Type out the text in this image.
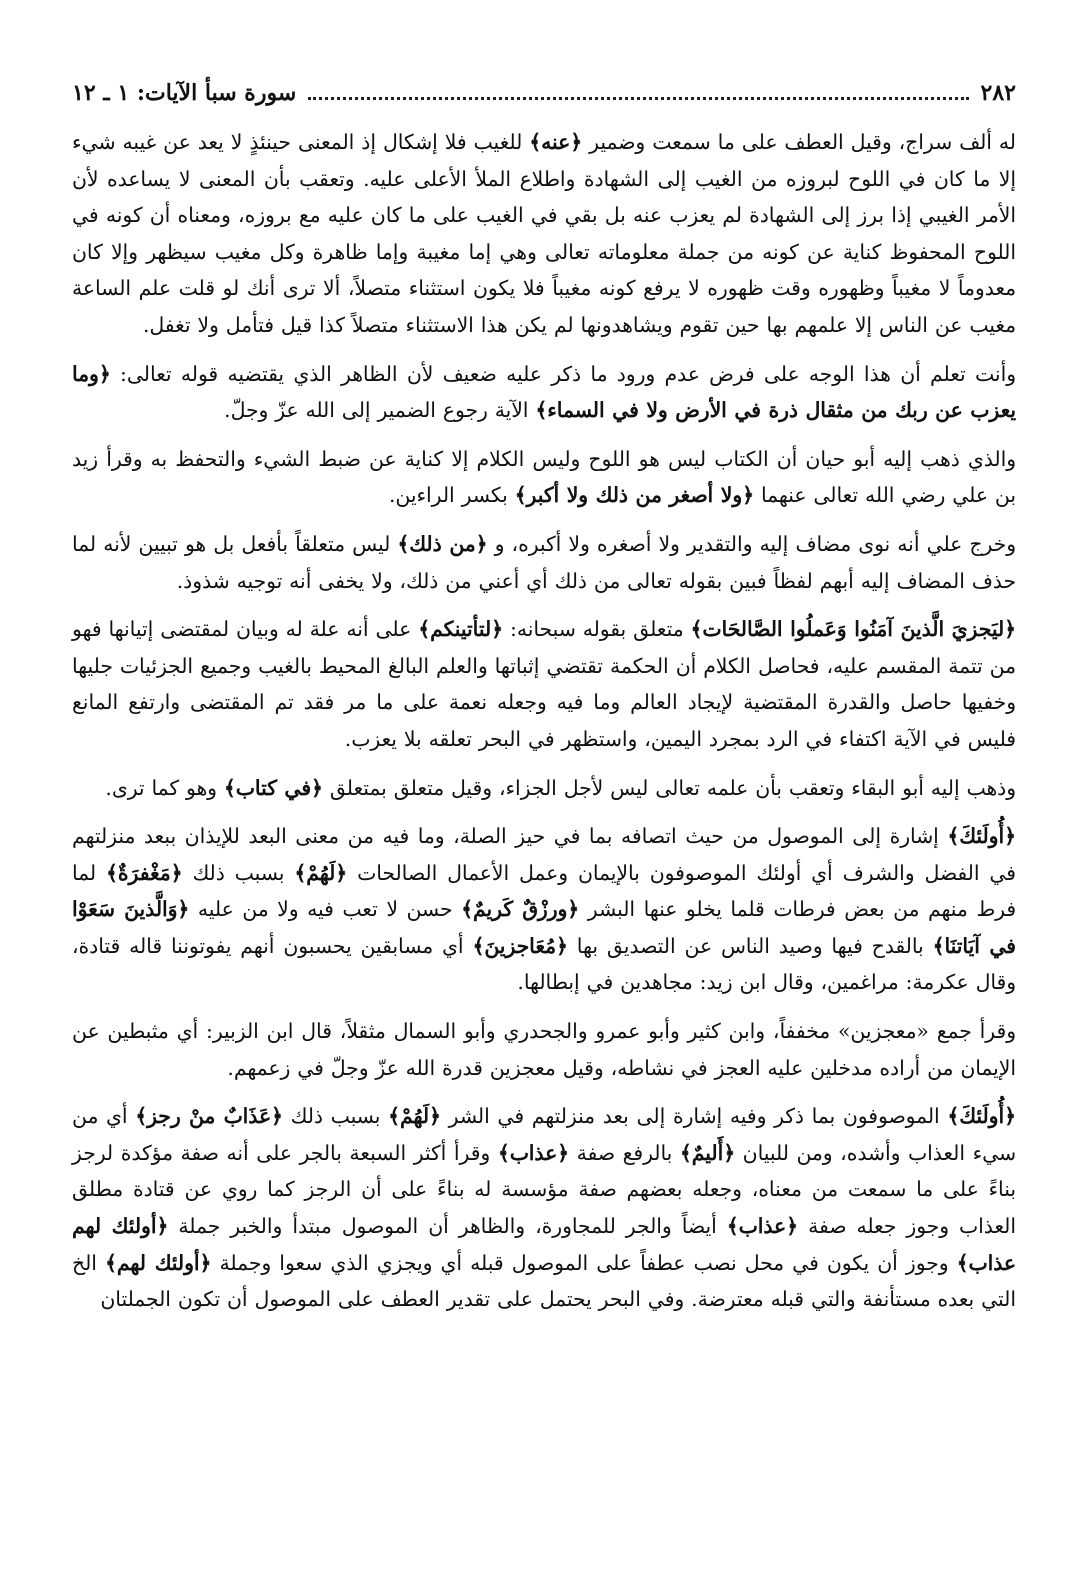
٢٨٢
سورة سبأ الآيات: ١ ـ ١٢

له ألف سراج، وقيل العطف على ما سمعت وضمير ﴿عنه﴾ للغيب فلا إشكال إذ المعنى حينئذٍ لا يعد عن غيبه شيء إلا ما كان في اللوح لبروزه من الغيب إلى الشهادة واطلاع الملأ الأعلى عليه. وتعقب بأن المعنى لا يساعده لأن الأمر الغيبي إذا برز إلى الشهادة لم يعزب عنه بل بقي في الغيب على ما كان عليه مع بروزه، ومعناه أن كونه في اللوح المحفوظ كناية عن كونه من جملة معلوماته تعالى وهي إما مغيبة وإما ظاهرة وكل مغيب سيظهر وإلا كان معدوماً لا مغيباً وظهوره وقت ظهوره لا يرفع كونه مغيباً فلا يكون استثناء متصلاً، ألا ترى أنك لو قلت علم الساعة مغيب عن الناس إلا علمهم بها حين تقوم ويشاهدونها لم يكن هذا الاستثناء متصلاً كذا قيل فتأمل ولا تغفل.

وأنت تعلم أن هذا الوجه على فرض عدم ورود ما ذكر عليه ضعيف لأن الظاهر الذي يقتضيه قوله تعالى: ﴿وما يعزب عن ربك من مثقال ذرة في الأرض ولا في السماء﴾ الآية رجوع الضمير إلى الله عزّ وجلّ.

والذي ذهب إليه أبو حيان أن الكتاب ليس هو اللوح وليس الكلام إلا كناية عن ضبط الشيء والتحفظ به وقرأ زيد بن علي رضي الله تعالى عنهما ﴿ولا أصغر من ذلك ولا أكبر﴾ بكسر الراءين.

وخرج علي أنه نوى مضاف إليه والتقدير ولا أصغره ولا أكبره، و ﴿من ذلك﴾ ليس متعلقاً بأفعل بل هو تبيين لأنه لما حذف المضاف إليه أبهم لفظاً فبين بقوله تعالى من ذلك أي أعني من ذلك، ولا يخفى أنه توجيه شذوذ.

﴿ليَجزيَ الَّذينَ آمَنُوا وَعَملُوا الصَّالحَات﴾ متعلق بقوله سبحانه: ﴿لتأتينكم﴾ على أنه علة له وبيان لمقتضى إتيانها فهو من تتمة المقسم عليه، فحاصل الكلام أن الحكمة تقتضي إثباتها والعلم البالغ المحيط بالغيب وجميع الجزئيات جليها وخفيها حاصل والقدرة المقتضية لإيجاد العالم وما فيه وجعله نعمة على ما مر فقد تم المقتضى وارتفع المانع فليس في الآية اكتفاء في الرد بمجرد اليمين، واستظهر في البحر تعلقه بلا يعزب.

وذهب إليه أبو البقاء وتعقب بأن علمه تعالى ليس لأجل الجزاء، وقيل متعلق بمتعلق ﴿في كتاب﴾ وهو كما ترى.

﴿أُولَئكَ﴾ إشارة إلى الموصول من حيث اتصافه بما في حيز الصلة، وما فيه من معنى البعد للإيذان ببعد منزلتهم في الفضل والشرف أي أولئك الموصوفون بالإيمان وعمل الأعمال الصالحات ﴿لَهُمْ﴾ بسبب ذلك ﴿مَغْفرَةٌ﴾ لما فرط منهم من بعض فرطات قلما يخلو عنها البشر ﴿ورزْقٌ كَريمٌ﴾ حسن لا تعب فيه ولا من عليه ﴿وَالَّذينَ سَعَوْا في آيَاتنَا﴾ بالقدح فيها وصيد الناس عن التصديق بها ﴿مُعَاجزينَ﴾ أي مسابقين يحسبون أنهم يفوتوننا قاله قتادة، وقال عكرمة: مراغمين، وقال ابن زيد: مجاهدين في إبطالها.

وقرأ جمع «معجزين» مخففاً، وابن كثير وأبو عمرو والجحدري وأبو السمال مثقلاً، قال ابن الزبير: أي مثبطين عن الإيمان من أراده مدخلين عليه العجز في نشاطه، وقيل معجزين قدرة الله عزّ وجلّ في زعمهم.

﴿أُولَئكَ﴾ الموصوفون بما ذكر وفيه إشارة إلى بعد منزلتهم في الشر ﴿لَهُمْ﴾ بسبب ذلك ﴿عَذَابٌ منْ رجز﴾ أي من سيء العذاب وأشده، ومن للبيان ﴿أَليمٌ﴾ بالرفع صفة ﴿عذاب﴾ وقرأ أكثر السبعة بالجر على أنه صفة مؤكدة لرجز بناءً على ما سمعت من معناه، وجعله بعضهم صفة مؤسسة له بناءً على أن الرجز كما روي عن قتادة مطلق العذاب وجوز جعله صفة ﴿عذاب﴾ أيضاً والجر للمجاورة، والظاهر أن الموصول مبتدأ والخبر جملة ﴿أولئك لهم عذاب﴾ وجوز أن يكون في محل نصب عطفاً على الموصول قبله أي ويجزي الذي سعوا وجملة ﴿أولئك لهم﴾ الخ التي بعده مستأنفة والتي قبله معترضة. وفي البحر يحتمل على تقدير العطف على الموصول أن تكون الجملتان
